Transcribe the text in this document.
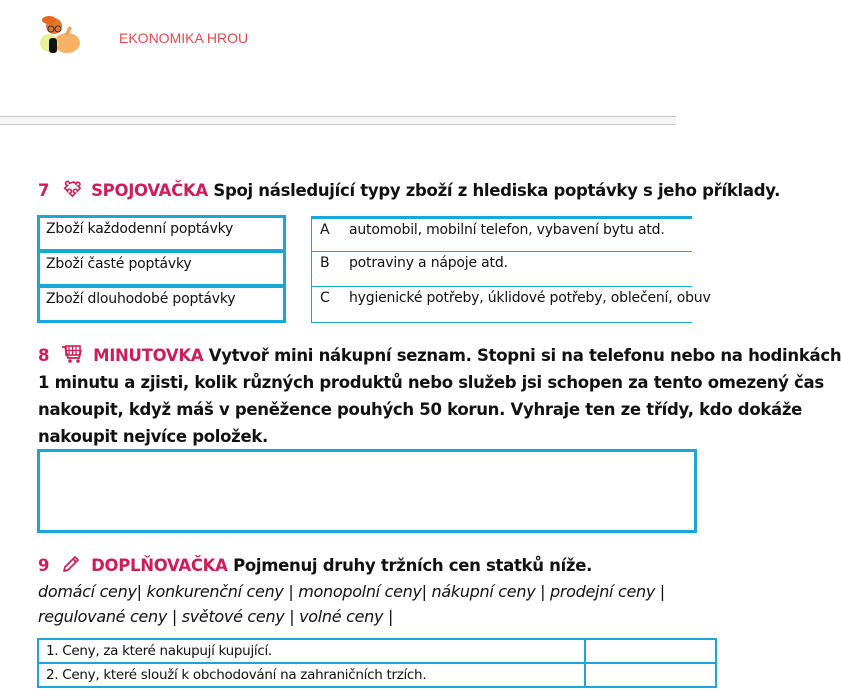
EKONOMIKA HROU
7	SPOJOVAČKA Spoj následující typy zboží z hlediska poptávky s jeho příklady.
Zboží každodenní poptávky
Zboží časté poptávky
Zboží dlouhodobé poptávky
A automobil, mobilní telefon, vybavení bytu atd.
B potraviny a nápoje atd.
C hygienické potřeby, úklidové potřeby, oblečení, obuv
8	MINUTOVKA Vytvoř mini nákupní seznam. Stopni si na telefonu nebo na hodinkách
1 minutu a zjisti, kolik různých produktů nebo služeb jsi schopen za tento omezený čas
nakoupit, když máš v peněžence pouhých 50 korun. Vyhraje ten ze třídy, kdo dokáže
nakoupit nejvíce položek.
9	DOPLŇOVAČKA Pojmenuj druhy tržních cen statků níže.
domácí ceny| konkurenční ceny | monopolní ceny| nákupní ceny | prodejní ceny |
regulované ceny | světové ceny | volné ceny |
1. Ceny, za které nakupují kupující.	
2. Ceny, které slouží k obchodování na zahraničních trzích.	
